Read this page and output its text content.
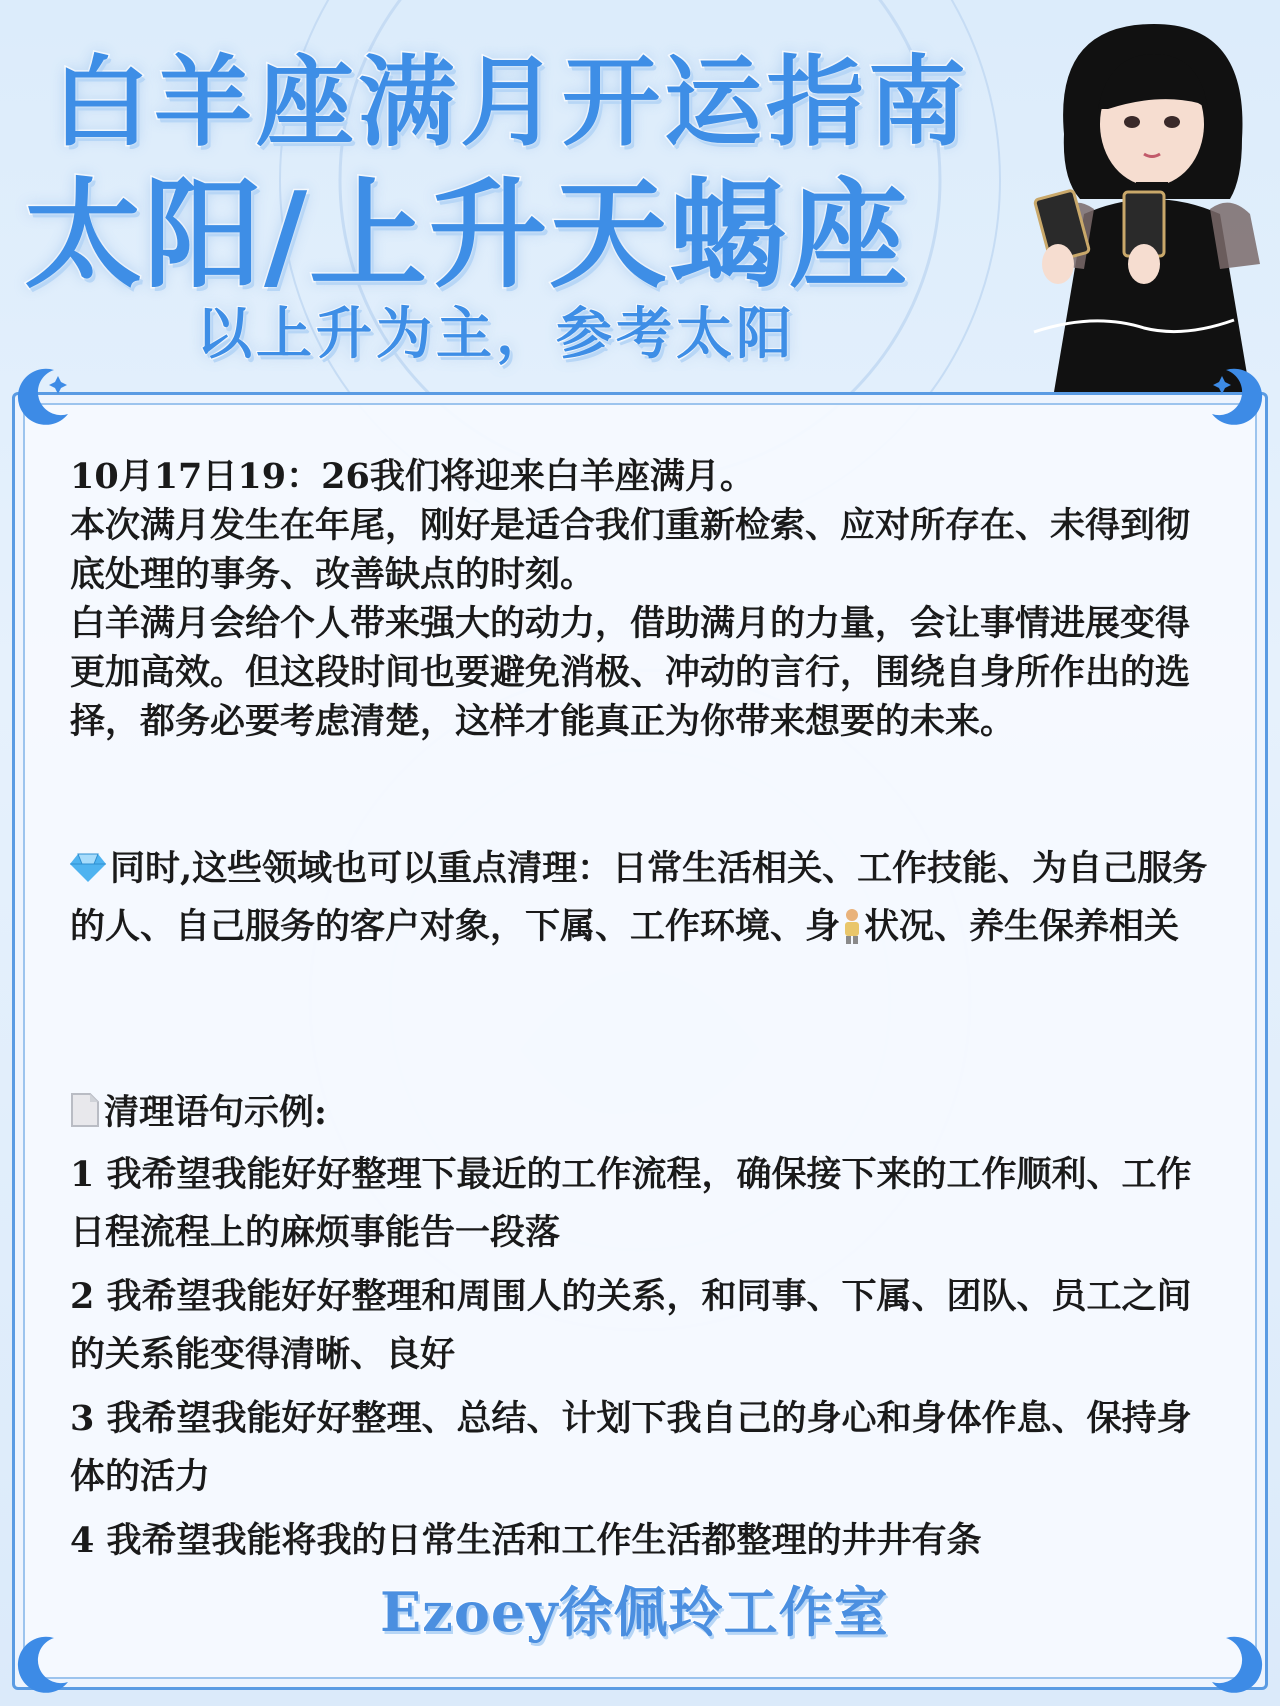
白羊座满月开运指南
太阳/上升天蝎座
以上升为主，参考太阳
10月17日19：26我们将迎来白羊座满月。
本次满月发生在年尾，刚好是适合我们重新检索、应对所存在、未得到彻底处理的事务、改善缺点的时刻。
白羊满月会给个人带来强大的动力，借助满月的力量，会让事情进展变得更加高效。但这段时间也要避免消极、冲动的言行，围绕自身所作出的选择，都务必要考虑清楚，这样才能真正为你带来想要的未来。
同时,这些领域也可以重点清理：日常生活相关、工作技能、为自己服务的人、自己服务的客户对象，下属、工作环境、身 状况、养生保养相关
清理语句示例:
1 我希望我能好好整理下最近的工作流程，确保接下来的工作顺利、工作日程流程上的麻烦事能告一段落
2 我希望我能好好整理和周围人的关系，和同事、下属、团队、员工之间的关系能变得清晰、良好
3 我希望我能好好整理、总结、计划下我自己的身心和身体作息、保持身体的活力
4 我希望我能将我的日常生活和工作生活都整理的井井有条
Ezoey徐佩玲工作室
